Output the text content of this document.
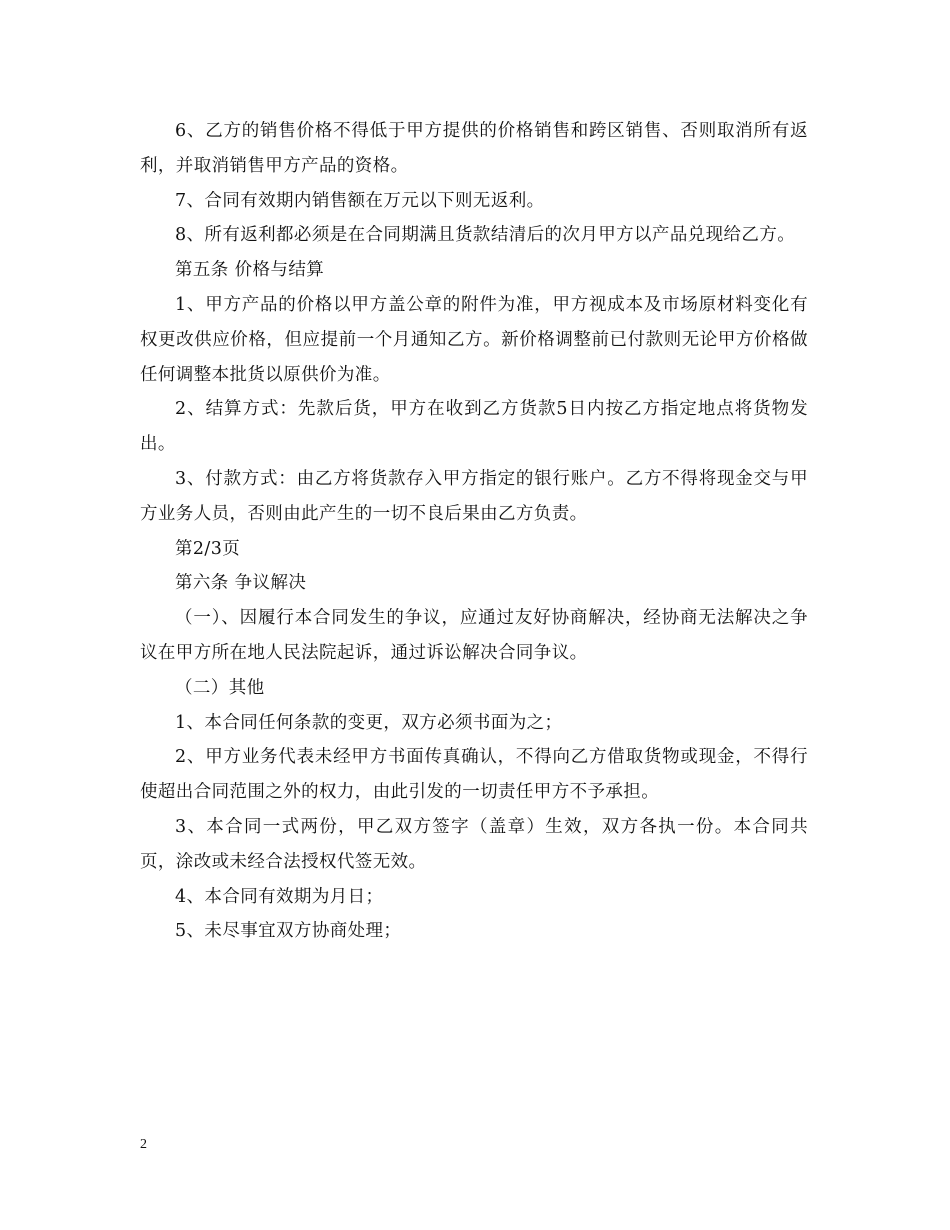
6、乙方的销售价格不得低于甲方提供的价格销售和跨区销售、否则取消所有返利，并取消销售甲方产品的资格。

7、合同有效期内销售额在万元以下则无返利。

8、所有返利都必须是在合同期满且货款结清后的次月甲方以产品兑现给乙方。

第五条 价格与结算

1、甲方产品的价格以甲方盖公章的附件为准，甲方视成本及市场原材料变化有权更改供应价格，但应提前一个月通知乙方。新价格调整前已付款则无论甲方价格做任何调整本批货以原供价为准。

2、结算方式：先款后货，甲方在收到乙方货款5日内按乙方指定地点将货物发出。

3、付款方式：由乙方将货款存入甲方指定的银行账户。乙方不得将现金交与甲方业务人员，否则由此产生的一切不良后果由乙方负责。

第2/3页

第六条 争议解决

（一）、因履行本合同发生的争议，应通过友好协商解决，经协商无法解决之争议在甲方所在地人民法院起诉，通过诉讼解决合同争议。

（二）其他

1、本合同任何条款的变更，双方必须书面为之；

2、甲方业务代表未经甲方书面传真确认，不得向乙方借取货物或现金，不得行使超出合同范围之外的权力，由此引发的一切责任甲方不予承担。

3、本合同一式两份，甲乙双方签字（盖章）生效，双方各执一份。本合同共页，涂改或未经合法授权代签无效。

4、本合同有效期为月日；

5、未尽事宜双方协商处理；

2
